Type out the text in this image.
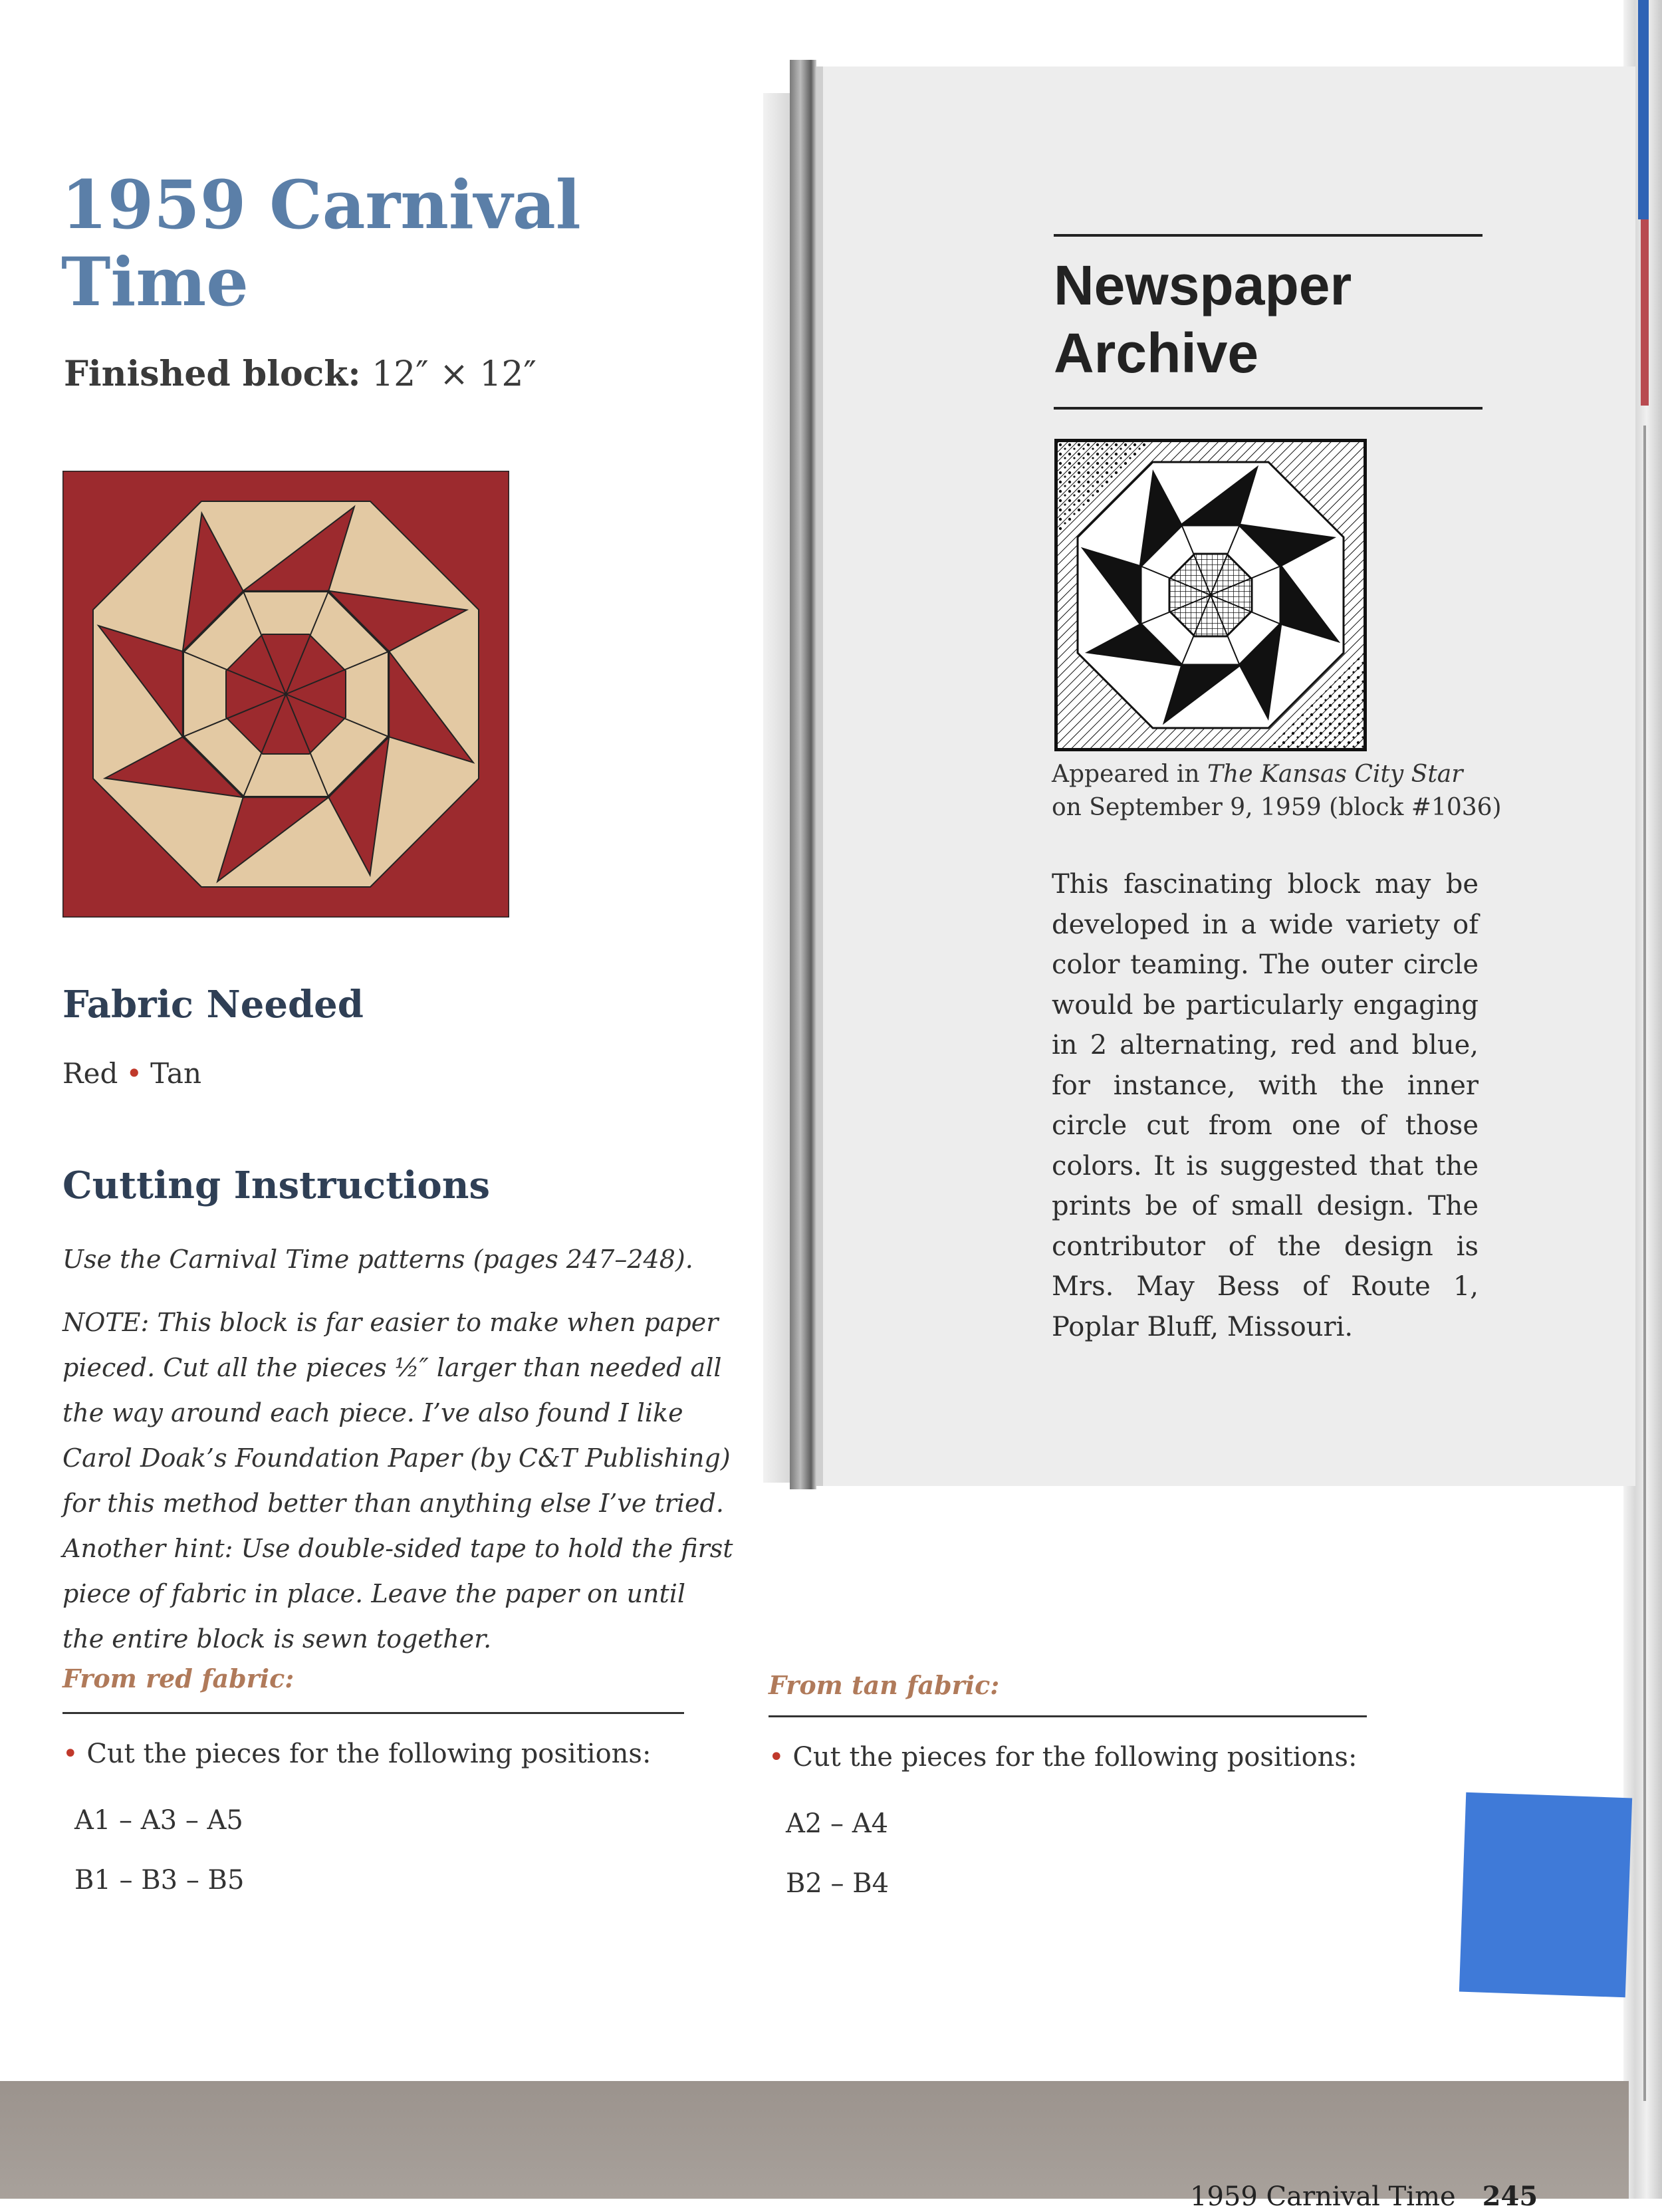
1959 Carnival
Time
Finished block: 12″ × 12″
Fabric Needed
Red • Tan
Cutting Instructions

Use the Carnival Time patterns (pages 247–248).

NOTE: This block is far easier to make when paper pieced. Cut all the pieces ½″ larger than needed all the way around each piece. I’ve also found I like Carol Doak’s Foundation Paper (by C&T Publishing) for this method better than anything else I’ve tried. Another hint: Use double-sided tape to hold the first piece of fabric in place. Leave the paper on until the entire block is sewn together.

From red fabric:
• Cut the pieces for the following positions:
A1 – A3 – A5
B1 – B3 – B5
From tan fabric:
• Cut the pieces for the following positions:
A2 – A4
B2 – B4
Newspaper
Archive
Appeared in The Kansas City Star
on September 9, 1959 (block #1036)

This fascinating block may be developed in a wide variety of color teaming. The outer circle would be particularly engaging in 2 alternating, red and blue, for instance, with the inner circle cut from one of those colors. It is suggested that the prints be of small design. The contributor of the design is Mrs. May Bess of Route 1, Poplar Bluff, Missouri.

1959 Carnival Time 245
